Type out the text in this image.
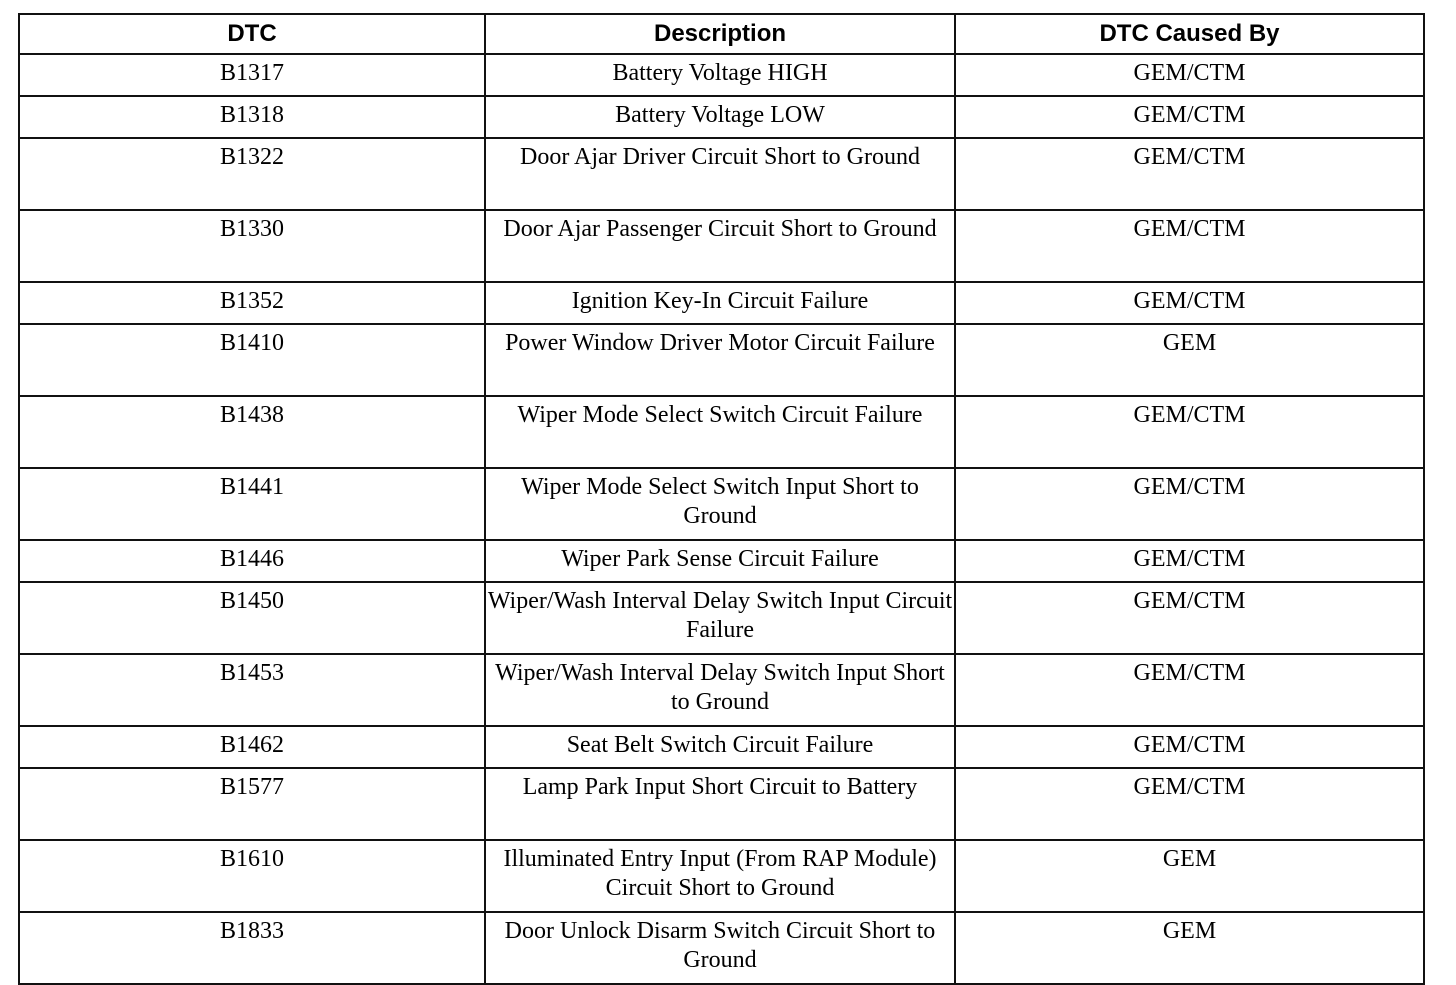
DTC	Description	DTC Caused By
B1317	Battery Voltage HIGH	GEM/CTM
B1318	Battery Voltage LOW	GEM/CTM
B1322	Door Ajar Driver Circuit Short to Ground	GEM/CTM
B1330	Door Ajar Passenger Circuit Short to Ground	GEM/CTM
B1352	Ignition Key-In Circuit Failure	GEM/CTM
B1410	Power Window Driver Motor Circuit Failure	GEM
B1438	Wiper Mode Select Switch Circuit Failure	GEM/CTM
B1441	Wiper Mode Select Switch Input Short to Ground	GEM/CTM
B1446	Wiper Park Sense Circuit Failure	GEM/CTM
B1450	Wiper/Wash Interval Delay Switch Input Circuit Failure	GEM/CTM
B1453	Wiper/Wash Interval Delay Switch Input Short to Ground	GEM/CTM
B1462	Seat Belt Switch Circuit Failure	GEM/CTM
B1577	Lamp Park Input Short Circuit to Battery	GEM/CTM
B1610	Illuminated Entry Input (From RAP Module) Circuit Short to Ground	GEM
B1833	Door Unlock Disarm Switch Circuit Short to Ground	GEM
